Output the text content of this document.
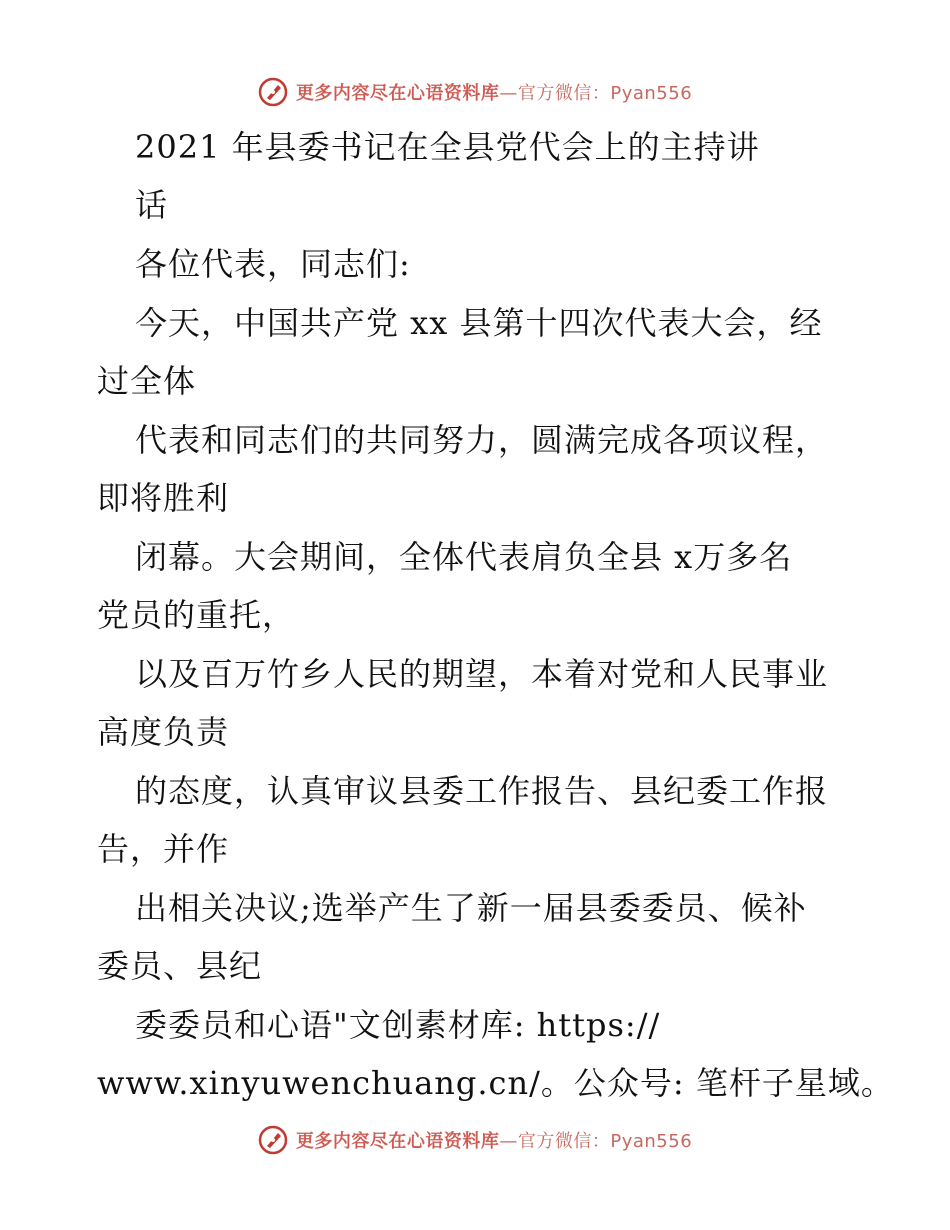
更多内容尽在心语资料库—官方微信：Pyan556
2021 年县委书记在全县党代会上的主持讲
话
各位代表，同志们:
今天，中国共产党 xx 县第十四次代表大会，经
过全体
代表和同志们的共同努力，圆满完成各项议程，
即将胜利
闭幕。大会期间，全体代表肩负全县 x万多名
党员的重托，
以及百万竹乡人民的期望，本着对党和人民事业
高度负责
的态度，认真审议县委工作报告、县纪委工作报
告，并作
出相关决议;选举产生了新一届县委委员、候补
委员、县纪
委委员和心语"文创素材库: https://
www.xinyuwenchuang.cn/。公众号: 笔杆子星域。
更多内容尽在心语资料库—官方微信：Pyan556
